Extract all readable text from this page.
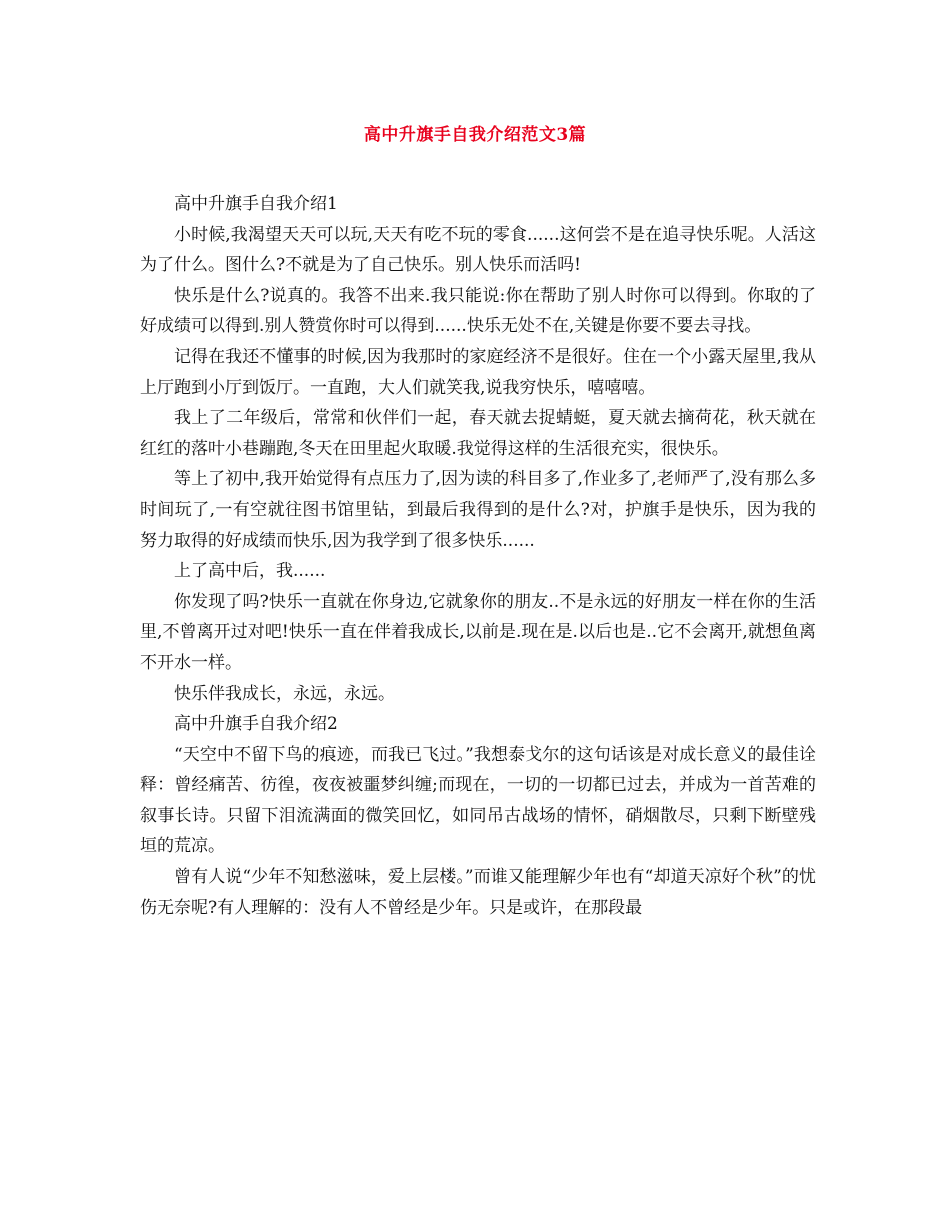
高中升旗手自我介绍范文3篇

高中升旗手自我介绍1

小时候,我渴望天天可以玩,天天有吃不玩的零食......这何尝不是在追寻快乐呢。人活这为了什么。图什么?不就是为了自己快乐。别人快乐而活吗!

快乐是什么?说真的。我答不出来.我只能说:你在帮助了别人时你可以得到。你取的了好成绩可以得到.别人赞赏你时可以得到......快乐无处不在,关键是你要不要去寻找。

记得在我还不懂事的时候,因为我那时的家庭经济不是很好。住在一个小露天屋里,我从上厅跑到小厅到饭厅。一直跑，大人们就笑我,说我穷快乐，嘻嘻嘻。

我上了二年级后，常常和伙伴们一起，春天就去捉蜻蜓，夏天就去摘荷花，秋天就在红红的落叶小巷蹦跑,冬天在田里起火取暖.我觉得这样的生活很充实，很快乐。

等上了初中,我开始觉得有点压力了,因为读的科目多了,作业多了,老师严了,没有那么多时间玩了,一有空就往图书馆里钻，到最后我得到的是什么?对，护旗手是快乐，因为我的努力取得的好成绩而快乐,因为我学到了很多快乐......

上了高中后，我......

你发现了吗?快乐一直就在你身边,它就象你的朋友..不是永远的好朋友一样在你的生活里,不曾离开过对吧!快乐一直在伴着我成长,以前是.现在是.以后也是..它不会离开,就想鱼离不开水一样。

快乐伴我成长，永远，永远。

高中升旗手自我介绍2

“天空中不留下鸟的痕迹，而我已飞过。”我想泰戈尔的这句话该是对成长意义的最佳诠释：曾经痛苦、彷徨，夜夜被噩梦纠缠;而现在，一切的一切都已过去，并成为一首苦难的叙事长诗。只留下泪流满面的微笑回忆，如同吊古战场的情怀，硝烟散尽，只剩下断壁残垣的荒凉。

曾有人说“少年不知愁滋味，爱上层楼。”而谁又能理解少年也有“却道天凉好个秋”的忧伤无奈呢?有人理解的：没有人不曾经是少年。只是或许，在那段最
